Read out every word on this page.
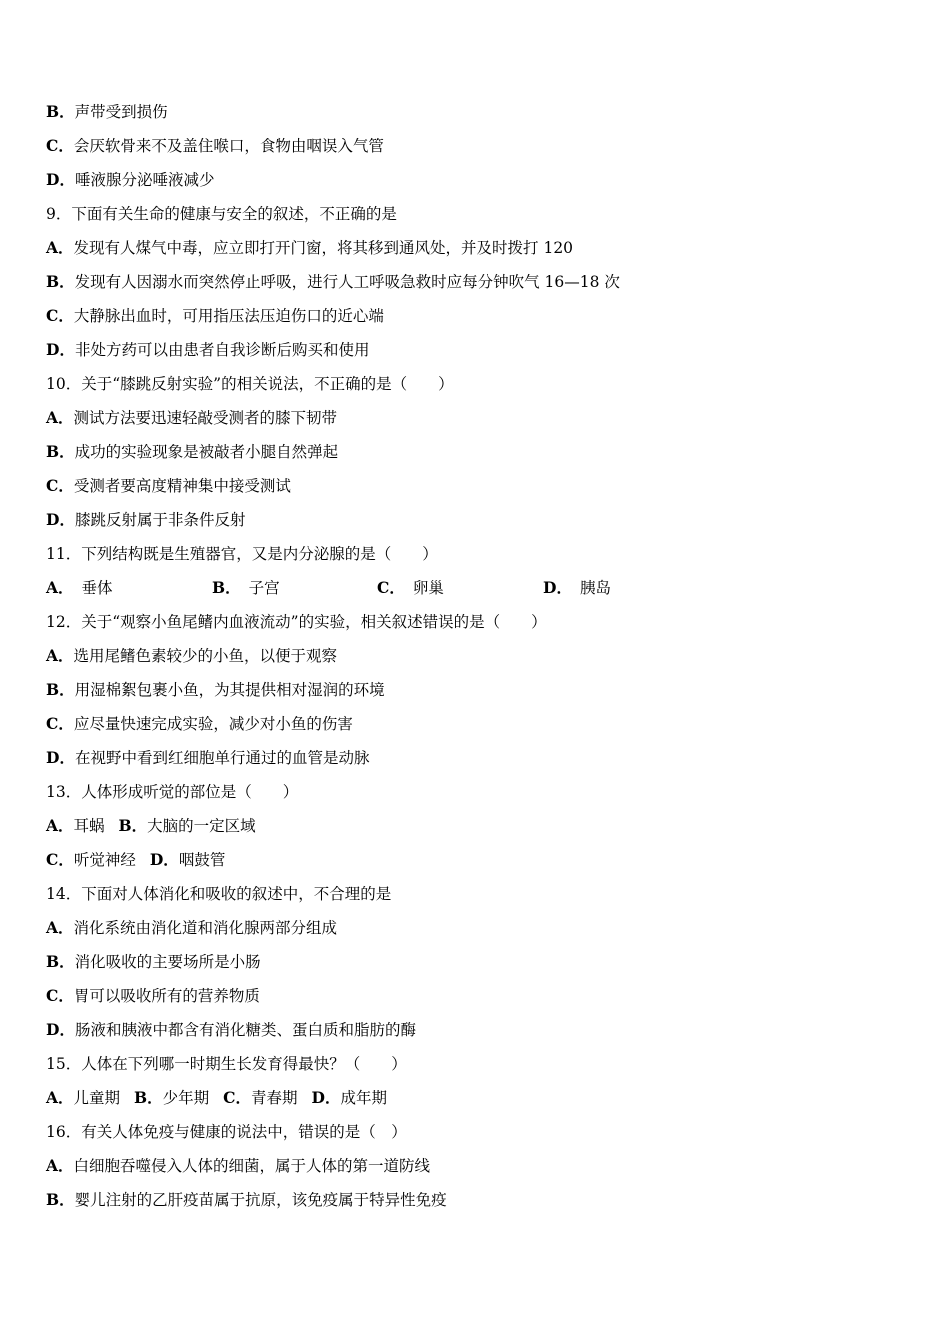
B．声带受到损伤
C．会厌软骨来不及盖住喉口，食物由咽误入气管
D．唾液腺分泌唾液减少
9．下面有关生命的健康与安全的叙述，不正确的是
A．发现有人煤气中毒，应立即打开门窗，将其移到通风处，并及时拨打 120
B．发现有人因溺水而突然停止呼吸，进行人工呼吸急救时应每分钟吹气 16—18 次
C．大静脉出血时，可用指压法压迫伤口的近心端
D．非处方药可以由患者自我诊断后购买和使用
10．关于“膝跳反射实验”的相关说法，不正确的是（　　）
A．测试方法要迅速轻敲受测者的膝下韧带
B．成功的实验现象是被敲者小腿自然弹起
C．受测者要高度精神集中接受测试
D．膝跳反射属于非条件反射
11．下列结构既是生殖器官，又是内分泌腺的是（　　）
A． 垂体	B． 子宫	C． 卵巢	D． 胰岛
12．关于“观察小鱼尾鳍内血液流动”的实验，相关叙述错误的是（　　）
A．选用尾鳍色素较少的小鱼，以便于观察
B．用湿棉絮包裹小鱼，为其提供相对湿润的环境
C．应尽量快速完成实验，减少对小鱼的伤害
D．在视野中看到红细胞单行通过的血管是动脉
13．人体形成听觉的部位是（　　）
A．耳蜗 B．大脑的一定区域
C．听觉神经 D．咽鼓管
14．下面对人体消化和吸收的叙述中，不合理的是
A．消化系统由消化道和消化腺两部分组成
B．消化吸收的主要场所是小肠
C．胃可以吸收所有的营养物质
D．肠液和胰液中都含有消化糖类、蛋白质和脂肪的酶
15．人体在下列哪一时期生长发育得最快？（　　）
A．儿童期 B．少年期 C．青春期 D．成年期
16．有关人体免疫与健康的说法中，错误的是（　）
A．白细胞吞噬侵入人体的细菌，属于人体的第一道防线
B．婴儿注射的乙肝疫苗属于抗原，该免疫属于特异性免疫
